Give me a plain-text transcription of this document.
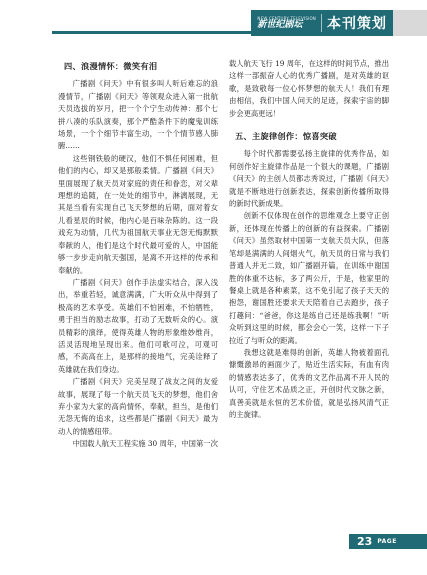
NEW CENTURY TELEVISION
新世纪剧坛	本刊策划
四、浪漫情怀：微笑有泪

广播剧《问天》中有很多叫人听后难忘的浪漫情节，广播剧《问天》等领观众进入第一批航天员选拔的岁月，把一个个宁生动传神：那个七拼八凑的乐队演奏，那个严酷条件下的魔鬼训练场景，一个个细节丰富生动，一个个情节感人肺腑……

这些钢铁般的硬汉，他们不惧任何困难，但他们的内心，却又是那般柔情。广播剧《问天》里面展现了航天员对家庭的责任和眷恋，对父辈理想的追随，在一处处的细节中，淋漓展现，无其是当看有实现自己飞天梦想的后期，面对着女儿看星辰的时候，他内心是百味杂陈的。这一段戏充为动情，几代为祖国航天事业无怨无悔默默奉献的人，他们是这个时代最可爱的人，中国能够一步步走向航天强国，是离不开这样的传承和奉献的。

广播剧《问天》创作手法虚实结合，深入浅出，举重若轻，诚意满满，广大听众从中得到了极高的艺术享受。英雄们不怕困难，不怕牺牲，勇于担当的励志故事，打动了无数听众的心。演员精彩的演绎，使得英雄人物的形象维妙维肖，活灵活现地呈现出来。他们可歌可泣，可观可感，不高高在上，是那样的接地气，完美诠释了英雄就在我们身边。

广播剧《问天》完美呈现了战友之间的友爱故事，展现了每一个航天员飞天的梦想，他们舍弃小家为大家的高尚情怀，奉献，担当，是他们无怨无悔的追求，这些都是广播剧《问天》最为动人的情感纽带。

中国载人航天工程实施 30 周年，中国第一次

载人航天飞行 19 周年，在这样的时间节点，推出这样一部振奋人心的优秀广播剧，是对英雄的讴歌，是致敬每一位心怀梦想的航天人！我们有理由相信，我们中国人问天的足迹，探索宇宙的脚步会更高更远！

五、主旋律创作：惊喜突破

每个时代都需要弘扬主旋律的优秀作品，如何创作好主旋律作品是一个很大的课题，广播剧《问天》的主创人员都志秀说过，广播剧《问天》就是不断地进行创新表达，探索创新传播所取得的新时代新成果。

创新不仅体现在创作的思维观念上要守正创新，还体现在传播上的创新的有益探索。广播剧《问天》虽然取材中国第一支航天员大队，但落笔却是满满的人间烟火气，航天员的日常与我们普通人并无二致，如广播剧开篇，在训练中谢国胜的体重不达标，多了两公斤，于是，他家里的餐桌上就是各种素菜，这不免引起了孩子天天的抱怨，谢国胜还要求天天陪着自己去跑步，孩子打趣问：“爸爸，你这是练自己还是练我啊！”听众听到这里的时候，都会会心一笑，这样一下子拉近了与听众的距离。

我想这就是难得的创新，英雄人物被着面孔慷慨激昂的画面少了，贴近生活实际，有血有肉的情感表达多了，优秀的文艺作品离不开人民的认可，守住艺术品质之正，开创时代文脉之新，真善美就是永恒的艺术价值，就是弘扬风清气正的主旋律。

23 PAGE
